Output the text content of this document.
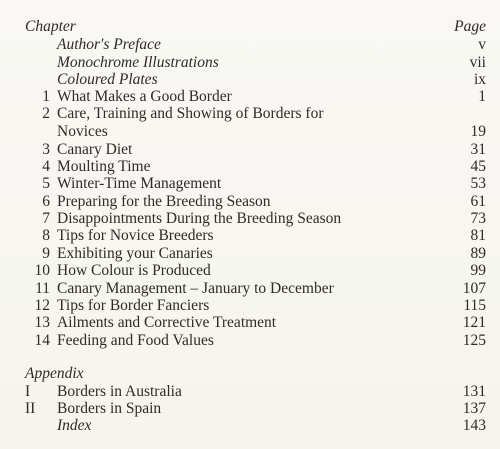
Chapter	Page
Author's Preface	v
Monochrome Illustrations	vii
Coloured Plates	ix
1 What Makes a Good Border	1
2 Care, Training and Showing of Borders for
Novices	19
3 Canary Diet	31
4 Moulting Time	45
5 Winter-Time Management	53
6 Preparing for the Breeding Season	61
7 Disappointments During the Breeding Season	73
8 Tips for Novice Breeders	81
9 Exhibiting your Canaries	89
10 How Colour is Produced	99
11 Canary Management – January to December	107
12 Tips for Border Fanciers	115
13 Ailments and Corrective Treatment	121
14 Feeding and Food Values	125
Appendix
I	Borders in Australia	131
II	Borders in Spain	137
Index	143
